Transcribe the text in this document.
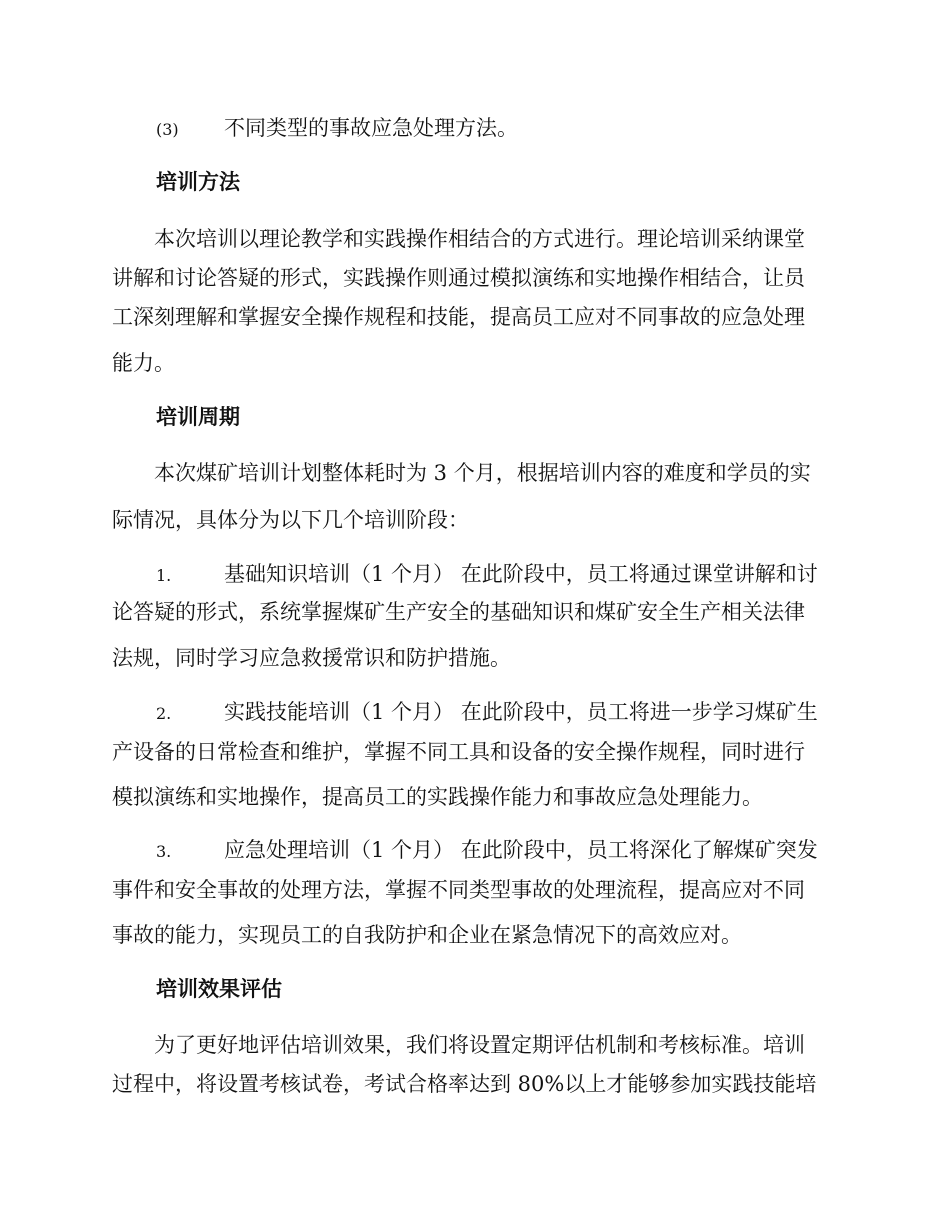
(3) 不同类型的事故应急处理方法。
培训方法
本次培训以理论教学和实践操作相结合的方式进行。理论培训采纳课堂
讲解和讨论答疑的形式，实践操作则通过模拟演练和实地操作相结合，让员
工深刻理解和掌握安全操作规程和技能，提高员工应对不同事故的应急处理
能力。
培训周期
本次煤矿培训计划整体耗时为 3 个月，根据培训内容的难度和学员的实
际情况，具体分为以下几个培训阶段：
1.	基础知识培训（1 个月） 在此阶段中，员工将通过课堂讲解和讨
论答疑的形式，系统掌握煤矿生产安全的基础知识和煤矿安全生产相关法律
法规，同时学习应急救援常识和防护措施。
2.	实践技能培训（1 个月） 在此阶段中，员工将进一步学习煤矿生
产设备的日常检查和维护，掌握不同工具和设备的安全操作规程，同时进行
模拟演练和实地操作，提高员工的实践操作能力和事故应急处理能力。
3.	应急处理培训（1 个月） 在此阶段中，员工将深化了解煤矿突发
事件和安全事故的处理方法，掌握不同类型事故的处理流程，提高应对不同
事故的能力，实现员工的自我防护和企业在紧急情况下的高效应对。
培训效果评估
为了更好地评估培训效果，我们将设置定期评估机制和考核标准。培训
过程中，将设置考核试卷，考试合格率达到 80%以上才能够参加实践技能培
